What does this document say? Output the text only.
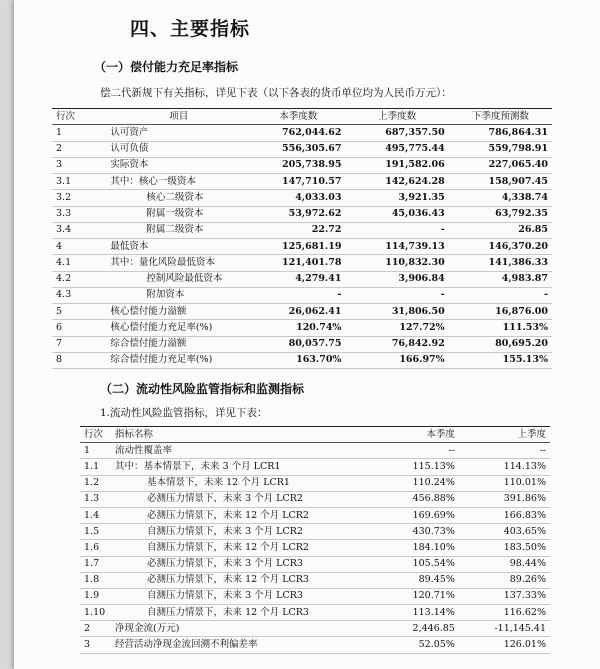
四、主要指标
（一）偿付能力充足率指标
偿二代新规下有关指标，详见下表（以下各表的货币单位均为人民币万元）：
行次	项目	本季度数	上季度数	下季度预测数
1	认可资产	762,044.62	687,357.50	786,864.31
2	认可负债	556,305.67	495,775.44	559,798.91
3	实际资本	205,738.95	191,582.06	227,065.40
3.1	其中：核心一级资本	147,710.57	142,624.28	158,907.45
3.2	核心二级资本	4,033.03	3,921.35	4,338.74
3.3	附属一级资本	53,972.62	45,036.43	63,792.35
3.4	附属二级资本	22.72	-	26.85
4	最低资本	125,681.19	114,739.13	146,370.20
4.1	其中：量化风险最低资本	121,401.78	110,832.30	141,386.33
4.2	控制风险最低资本	4,279.41	3,906.84	4,983.87
4.3	附加资本	-	-	-
5	核心偿付能力溢额	26,062.41	31,806.50	16,876.00
6	核心偿付能力充足率(%)	120.74%	127.72%	111.53%
7	综合偿付能力溢额	80,057.75	76,842.92	80,695.20
8	综合偿付能力充足率(%)	163.70%	166.97%	155.13%
（二）流动性风险监管指标和监测指标
1.流动性风险监管指标，详见下表：
行次	指标名称	本季度	上季度
1	流动性覆盖率	--	--
1.1	其中：基本情景下，未来 3 个月 LCR1	115.13%	114.13%
1.2	基本情景下，未来 12 个月 LCR1	110.24%	110.01%
1.3	必测压力情景下，未来 3 个月 LCR2	456.88%	391.86%
1.4	必测压力情景下，未来 12 个月 LCR2	169.69%	166.83%
1.5	自测压力情景下，未来 3 个月 LCR2	430.73%	403.65%
1.6	自测压力情景下，未来 12 个月 LCR2	184.10%	183.50%
1.7	必测压力情景下，未来 3 个月 LCR3	105.54%	98.44%
1.8	必测压力情景下，未来 12 个月 LCR3	89.45%	89.26%
1.9	自测压力情景下，未来 3 个月 LCR3	120.71%	137.33%
1.10	自测压力情景下，未来 12 个月 LCR3	113.14%	116.62%
2	净现金流(万元)	2,446.85	-11,145.41
3	经营活动净现金流回溯不利偏差率	52.05%	126.01%
